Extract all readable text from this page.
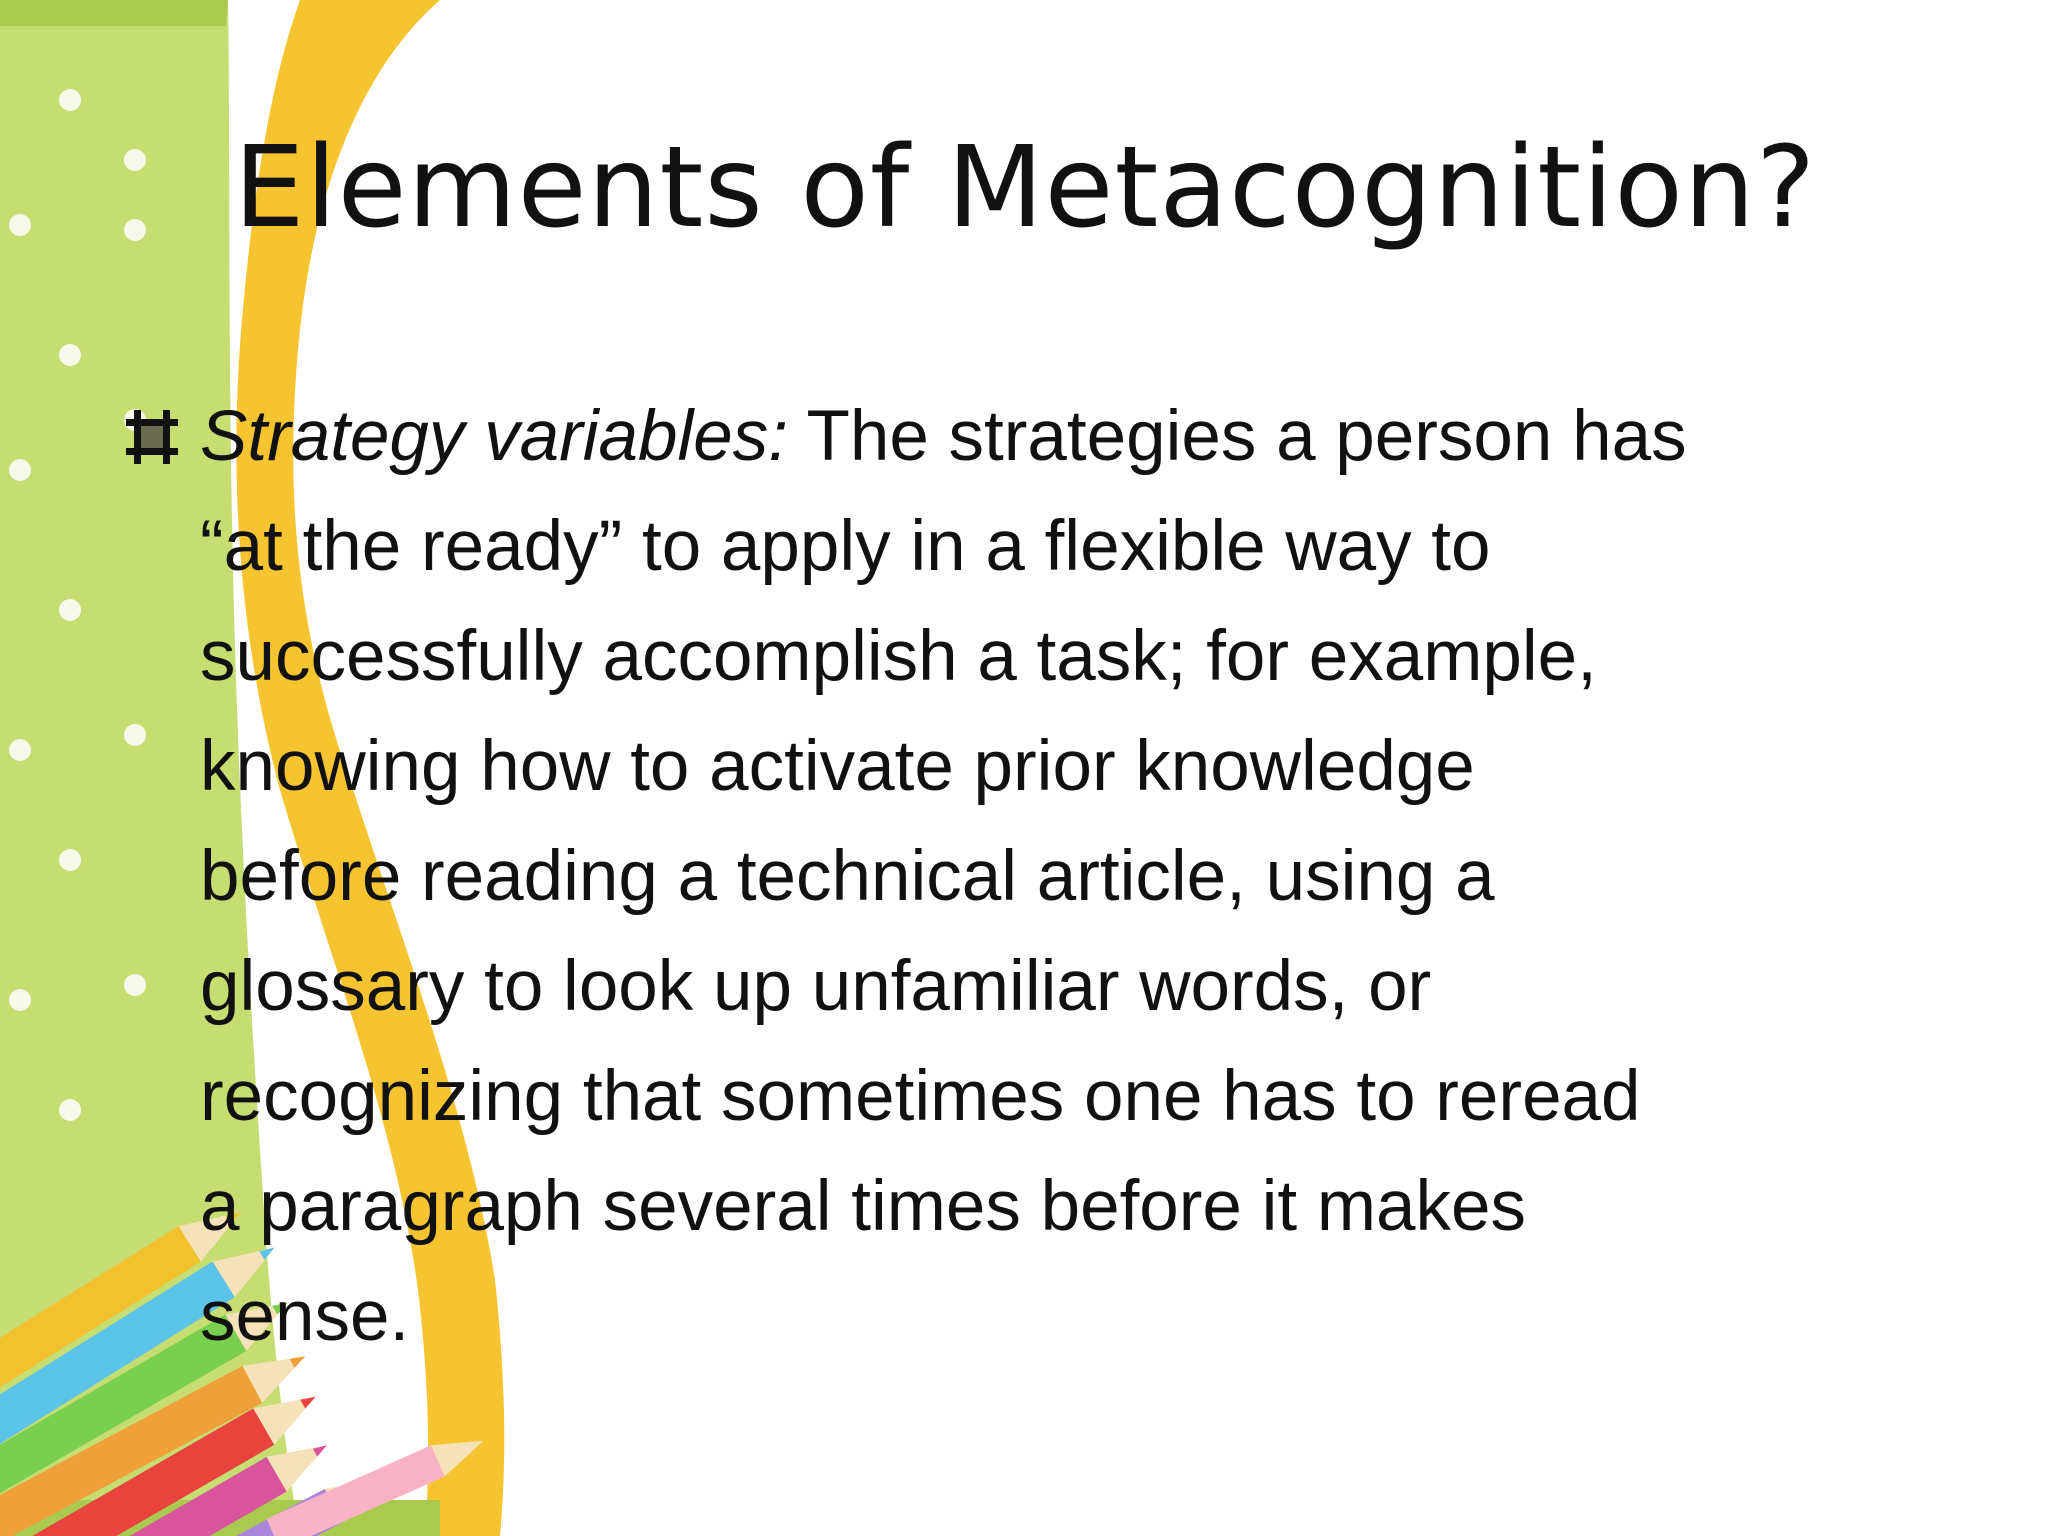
Elements of Metacognition?
Strategy variables: The strategies a person has
“at the ready” to apply in a flexible way to
successfully accomplish a task; for example,
knowing how to activate prior knowledge
before reading a technical article, using a
glossary to look up unfamiliar words, or
recognizing that sometimes one has to reread
a paragraph several times before it makes
sense.
